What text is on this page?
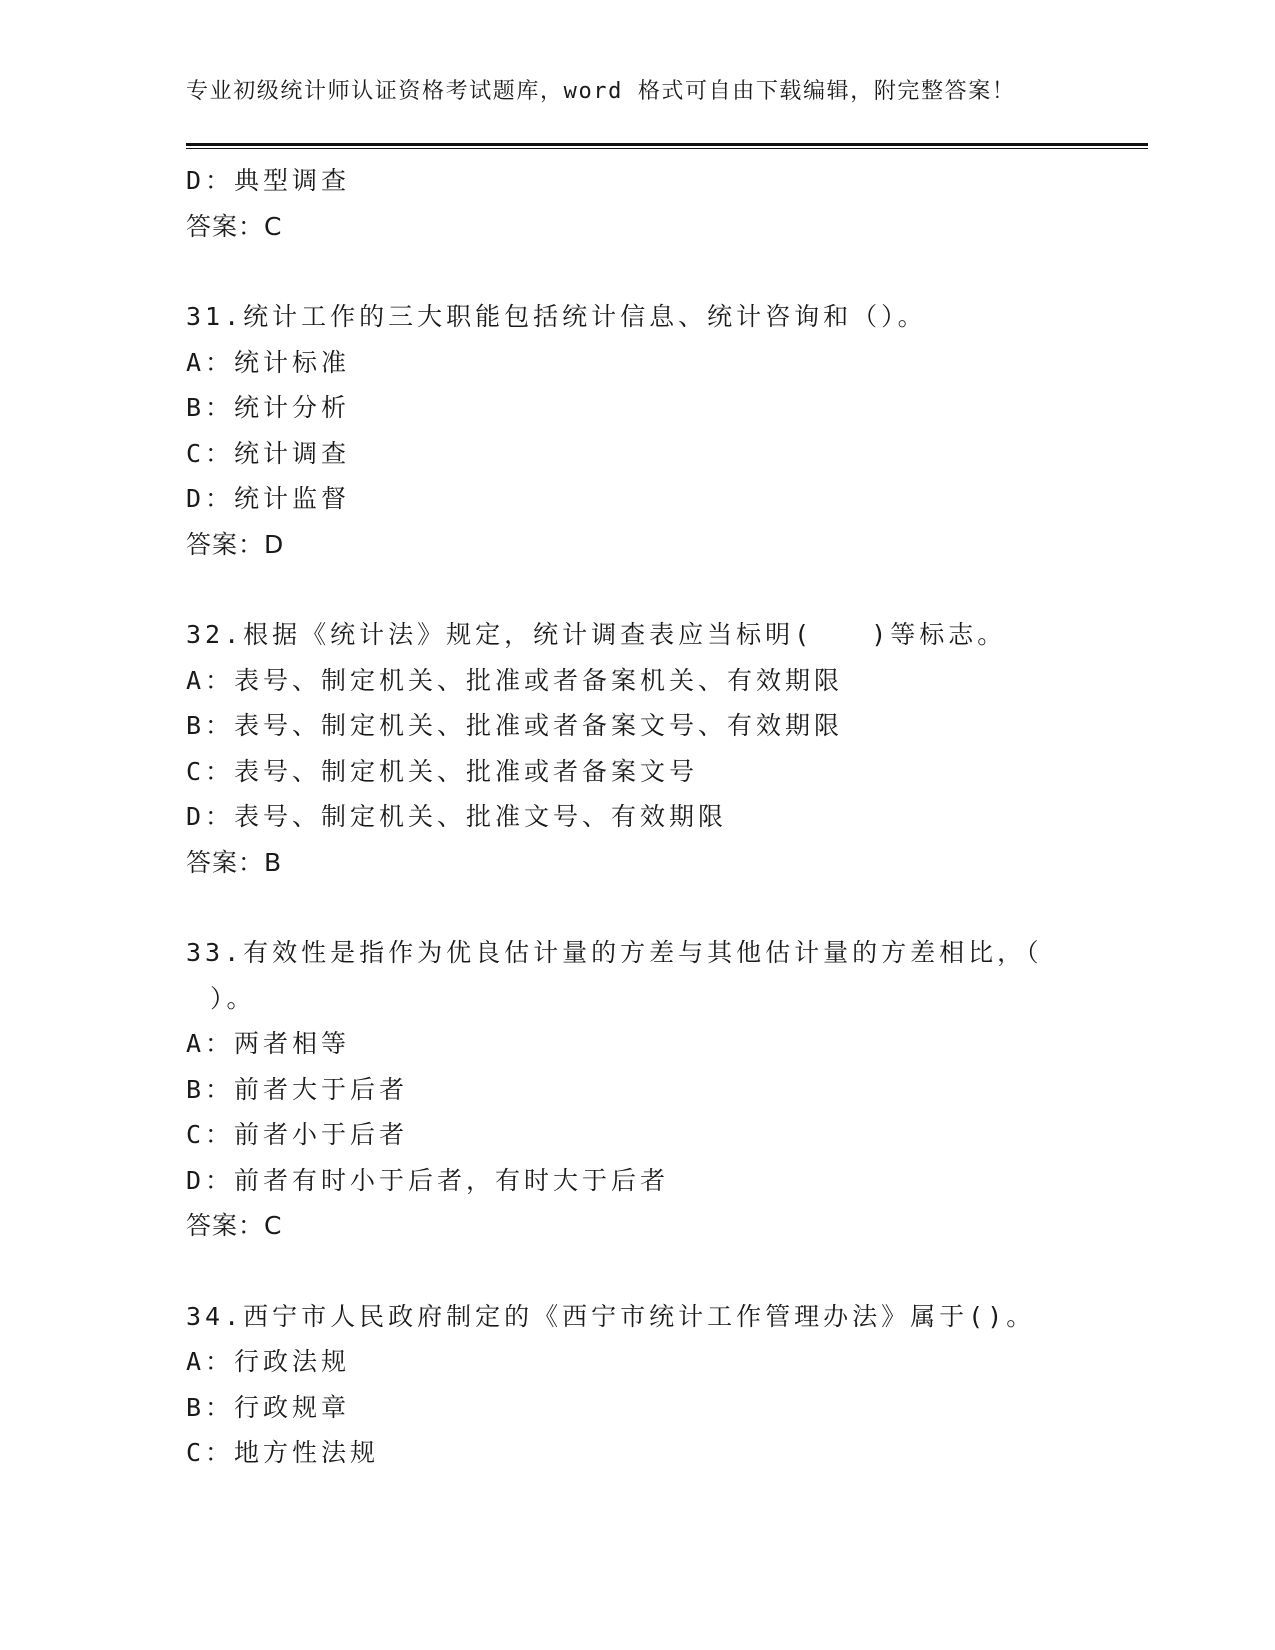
专业初级统计师认证资格考试题库，word 格式可自由下载编辑，附完整答案！
D：典型调查
答案：C
31.统计工作的三大职能包括统计信息、统计咨询和（）。
A：统计标准
B：统计分析
C：统计调查
D：统计监督
答案：D
32.根据《统计法》规定，统计调查表应当标明(　　)等标志。
A：表号、制定机关、批准或者备案机关、有效期限
B：表号、制定机关、批准或者备案文号、有效期限
C：表号、制定机关、批准或者备案文号
D：表号、制定机关、批准文号、有效期限
答案：B
33.有效性是指作为优良估计量的方差与其他估计量的方差相比，（
）。
A：两者相等
B：前者大于后者
C：前者小于后者
D：前者有时小于后者，有时大于后者
答案：C
34.西宁市人民政府制定的《西宁市统计工作管理办法》属于()。
A：行政法规
B：行政规章
C：地方性法规
